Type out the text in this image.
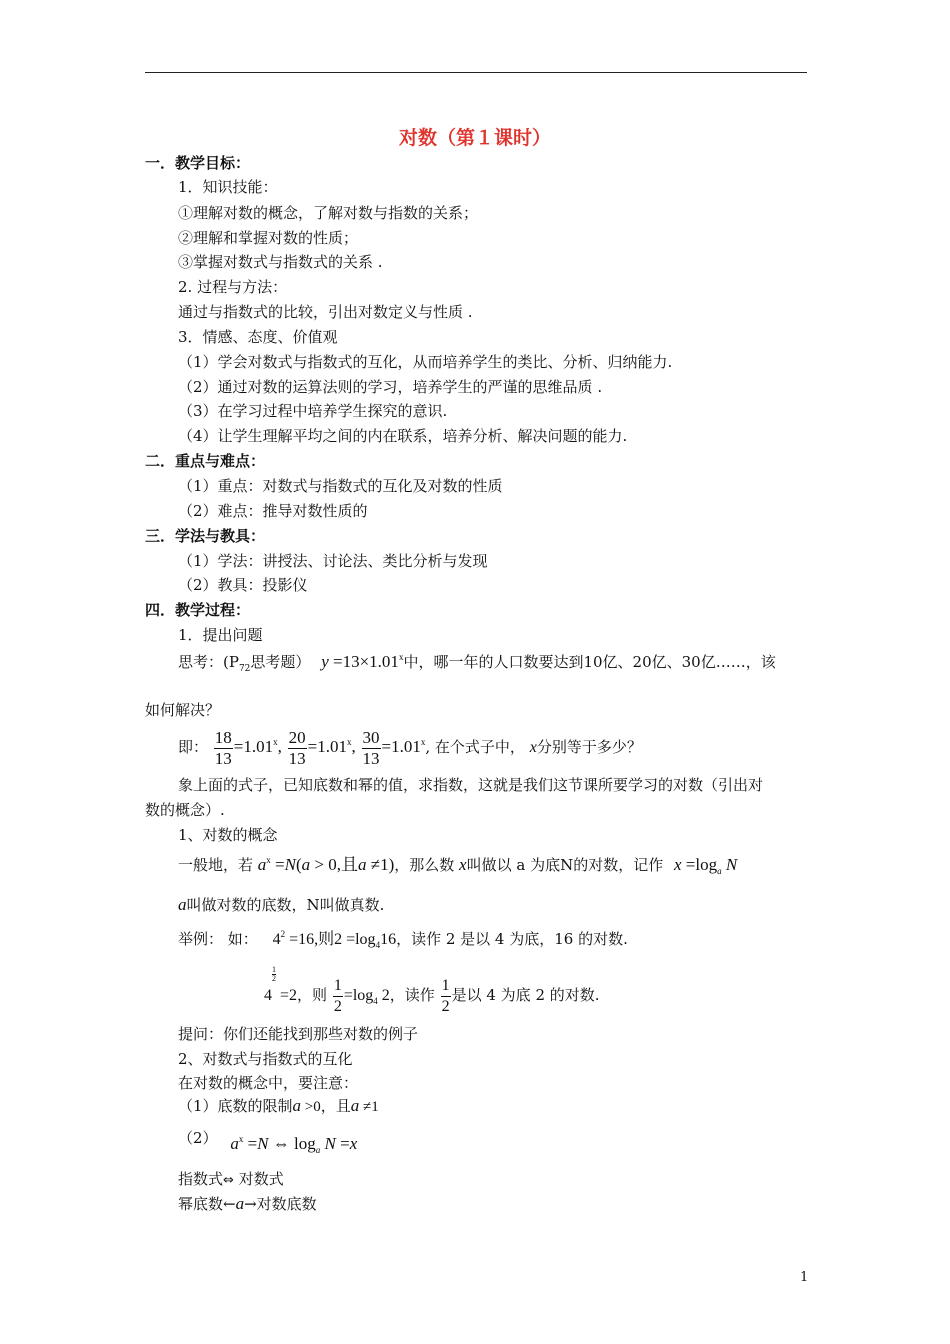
对数（第１课时）
一．教学目标：
1．知识技能：
①理解对数的概念，了解对数与指数的关系；
②理解和掌握对数的性质；
③掌握对数式与指数式的关系 .
2. 过程与方法：
通过与指数式的比较，引出对数定义与性质 .
3．情感、态度、价值观
（1）学会对数式与指数式的互化，从而培养学生的类比、分析、归纳能力.
（2）通过对数的运算法则的学习，培养学生的严谨的思维品质 .
（3）在学习过程中培养学生探究的意识.
（4）让学生理解平均之间的内在联系，培养分析、解决问题的能力.
二．重点与难点：
（1）重点：对数式与指数式的互化及对数的性质
（2）难点：推导对数性质的
三．学法与教具：
（1）学法：讲授法、讨论法、类比分析与发现
（2）教具：投影仪
四．教学过程：
1．提出问题
思考：($P_{72}$思考题） $y =13\times 1.01^x$中，哪一年的人口数要达到10亿、20亿、30亿……，该
如何解决？
即： $\frac{18}{13} =1.01^x$, $\frac{20}{13} =1.01^x$, $\frac{30}{13} =1.01^x$, 在个式子中， x分别等于多少？
象上面的式子，已知底数和幂的值，求指数，这就是我们这节课所要学习的对数（引出对
数的概念）.
1、对数的概念
一般地，若 $a^x =N(a > 0$,且a ≠1)，那么数 x叫做以 a 为底N的对数，记作 $x =\log_a$ N
a叫做对数的底数，N叫做真数.
举例： 如： $4^2 =16$,则$2 =\log_416$，读作 2 是以 4 为底，16 的对数.
4
$\frac{1}{2}$
=2，则 $\frac{1}{2} =\log_4$ 2，读作 $\frac{1}{2}$ 是以 4 为底 2 的对数.
提问：你们还能找到那些对数的例子
2、对数式与指数式的互化
在对数的概念中，要注意：
（1）底数的限制a >0，且a ≠1
（2） $a^x =N$ ⇔ $\log_a N =x$
指数式⇔ 对数式
幂底数←a→对数底数
1
